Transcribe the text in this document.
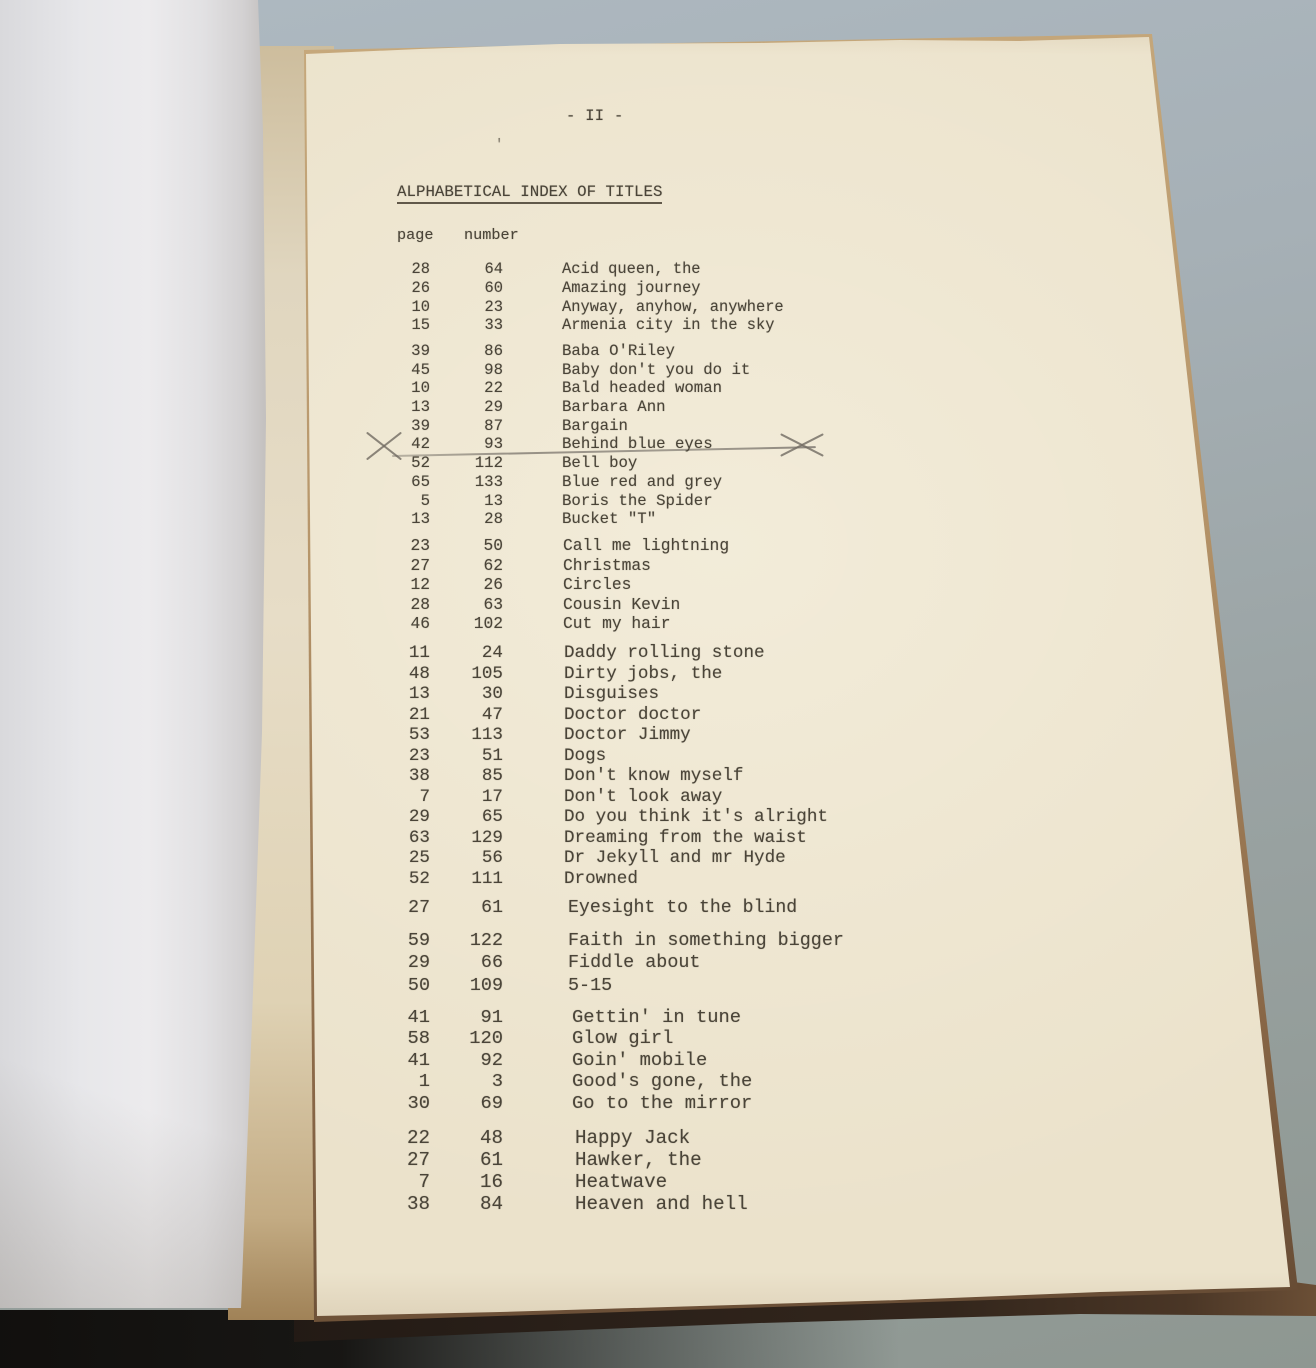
- II -
'
ALPHABETICAL INDEX OF TITLES
page number
28	64	Acid queen, the
26	60	Amazing journey
10	23	Anyway, anyhow, anywhere
15	33	Armenia city in the sky
39	86	Baba O'Riley
45	98	Baby don't you do it
10	22	Bald headed woman
13	29	Barbara Ann
39	87	Bargain
42	93	Behind blue eyes
52	112	Bell boy
65	133	Blue red and grey
5	13	Boris the Spider
13	28	Bucket "T"
23	50	Call me lightning
27	62	Christmas
12	26	Circles
28	63	Cousin Kevin
46	102	Cut my hair
11	24	Daddy rolling stone
48	105	Dirty jobs, the
13	30	Disguises
21	47	Doctor doctor
53	113	Doctor Jimmy
23	51	Dogs
38	85	Don't know myself
7	17	Don't look away
29	65	Do you think it's alright
63	129	Dreaming from the waist
25	56	Dr Jekyll and mr Hyde
52	111	Drowned
27	61	Eyesight to the blind
59	122	Faith in something bigger
29	66	Fiddle about
50	109	5-15
41	91	Gettin' in tune
58	120	Glow girl
41	92	Goin' mobile
1	3	Good's gone, the
30	69	Go to the mirror
22	48	Happy Jack
27	61	Hawker, the
7	16	Heatwave
38	84	Heaven and hell
